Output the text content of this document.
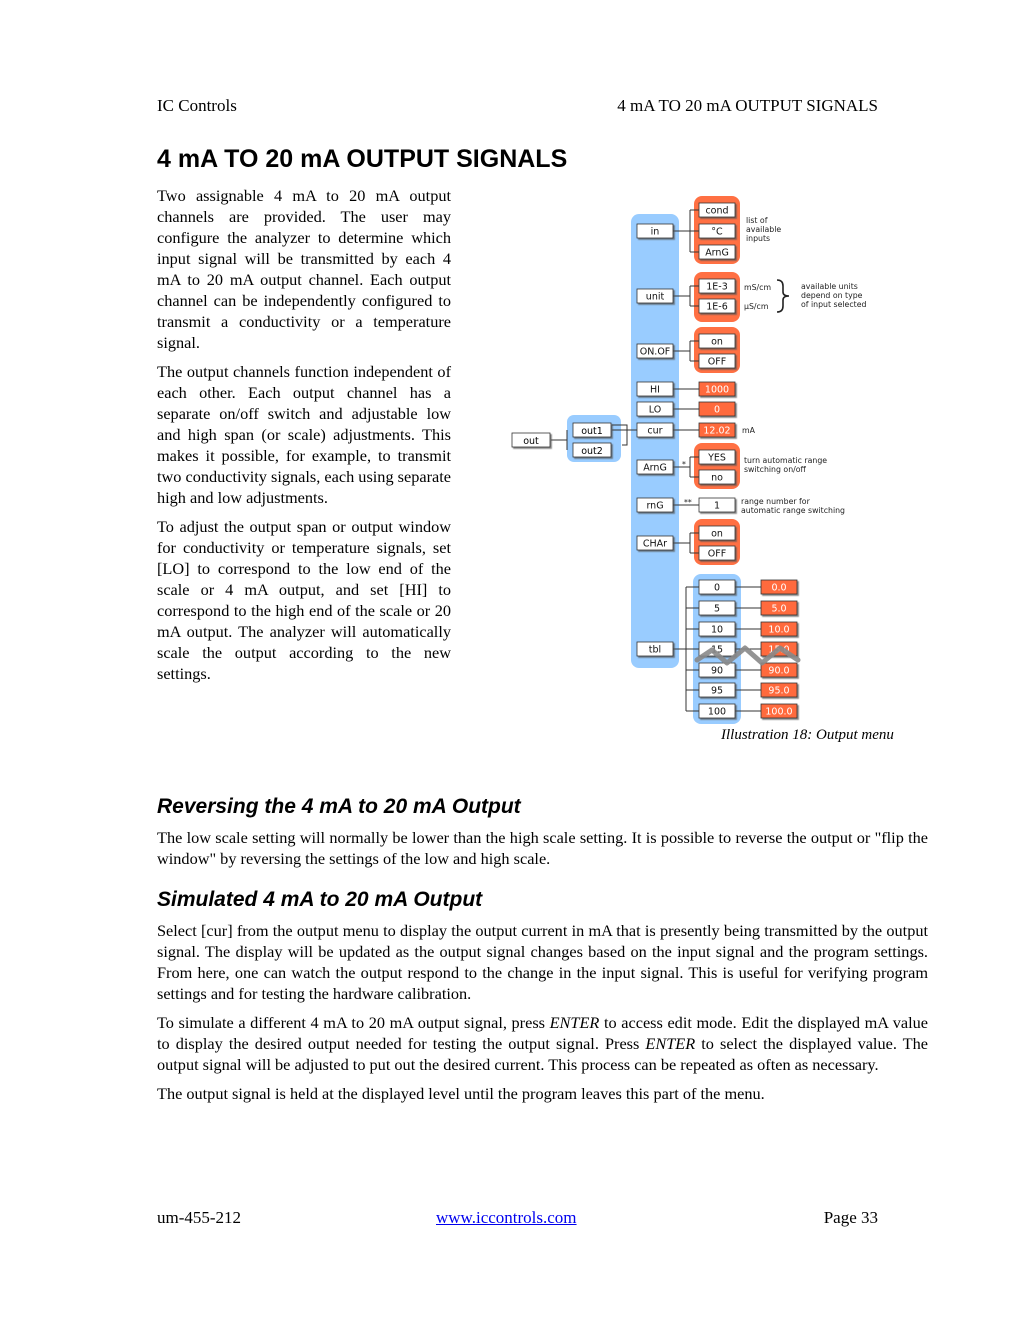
IC Controls	4 mA TO 20 mA OUTPUT SIGNALS
4 mA TO 20 mA OUTPUT SIGNALS

Two assignable 4 mA to 20 mA output channels are provided. The user may configure the analyzer to determine which input signal will be transmitted by each 4 mA to 20 mA output channel. Each output channel can be independently configured to transmit a conductivity or a temperature signal.

The output channels function independent of each other. Each output channel has a separate on/off switch and adjustable low and high span (or scale) adjustments. This makes it possible, for example, to transmit two conductivity signals, each using separate high and low adjustments.

To adjust the output span or output window for conductivity or temperature signals, set [LO] to correspond to the low end of the scale or 4 mA output, and set [HI] to correspond to the high end of the scale or 20 mA output. The analyzer will automatically scale the output according to the new settings.

out
out1
out2
in
unit
ON.OF
HI
LO
cur
ArnG
rnG
CHAr
tbl
cond
°C
ArnG
1E-3
1E-6
on
OFF
1000
0
12.02
YES
no
1
on
OFF
0	0.0
5	5.0
10	10.0
15	15.0
90	90.0
95	95.0
100	100.0
list of
available
inputs
mS/cm
µS/cm
available units
depend on type
of input selected
mA
*	turn automatic range
switching on/off
**	range number for
automatic range switching
Illustration 18: Output menu
Reversing the 4 mA to 20 mA Output

The low scale setting will normally be lower than the high scale setting. It is possible to reverse the output or "flip the window" by reversing the settings of the low and high scale.

Simulated 4 mA to 20 mA Output

Select [cur] from the output menu to display the output current in mA that is presently being transmitted by the output signal. The display will be updated as the output signal changes based on the input signal and the program settings. From here, one can watch the output respond to the change in the input signal. This is useful for verifying program settings and for testing the hardware calibration.

To simulate a different 4 mA to 20 mA output signal, press ENTER to access edit mode. Edit the displayed mA value to display the desired output needed for testing the output signal. Press ENTER to select the displayed value. The output signal will be adjusted to put out the desired current. This process can be repeated as often as necessary.

The output signal is held at the displayed level until the program leaves this part of the menu.

um-455-212	www.iccontrols.com	Page 33
